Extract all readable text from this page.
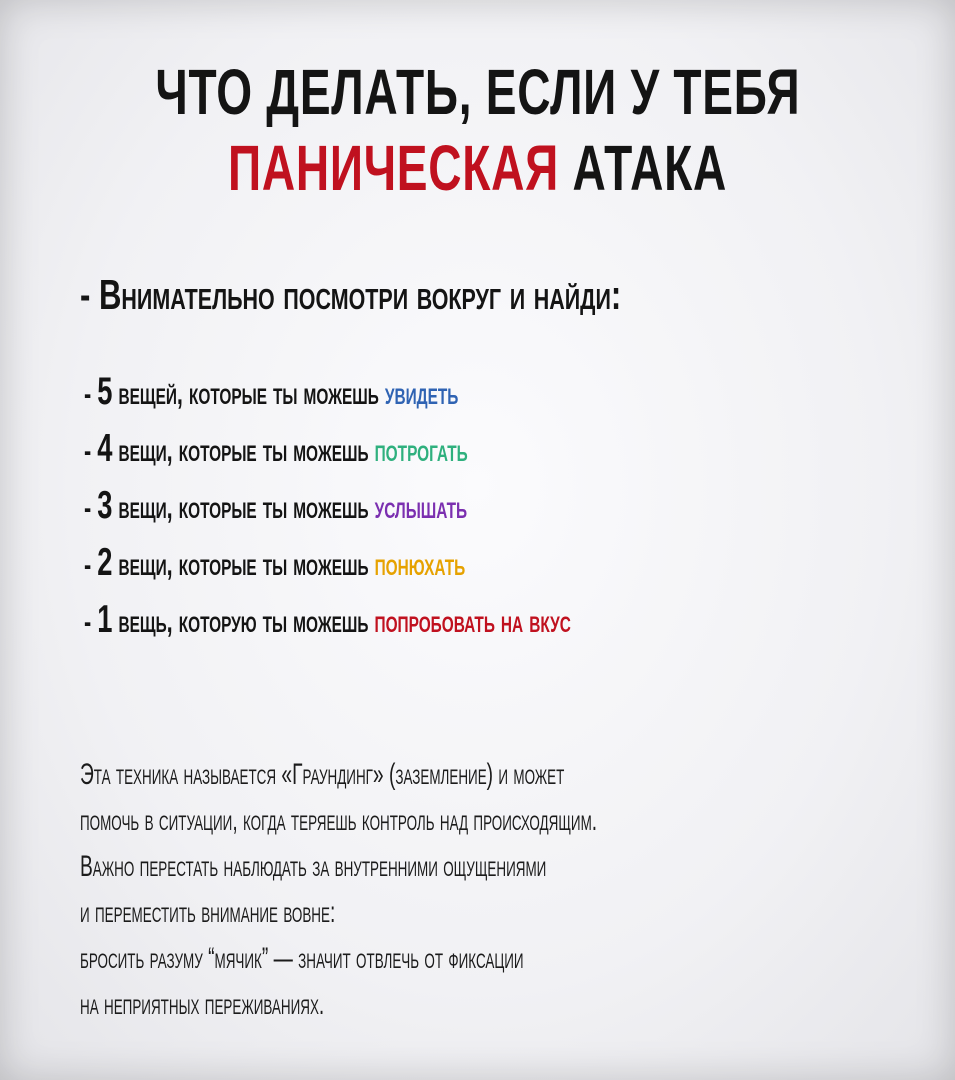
ЧТО ДЕЛАТЬ, ЕСЛИ У ТЕБЯ
ПАНИЧЕСКАЯ АТАКА
- Внимательно посмотри вокруг и найди:
- 5 вещей, которые ты можешь увидеть
- 4 вещи, которые ты можешь потрогать
- 3 вещи, которые ты можешь услышать
- 2 вещи, которые ты можешь понюхать
- 1 вещь, которую ты можешь попробовать на вкус
Эта техника называется «Граундинг» (заземление) и может
помочь в ситуации, когда теряешь контроль над происходящим.
Важно перестать наблюдать за внутренними ощущениями
и переместить внимание вовне:
бросить разуму “мячик” — значит отвлечь от фиксации
на неприятных переживаниях.
